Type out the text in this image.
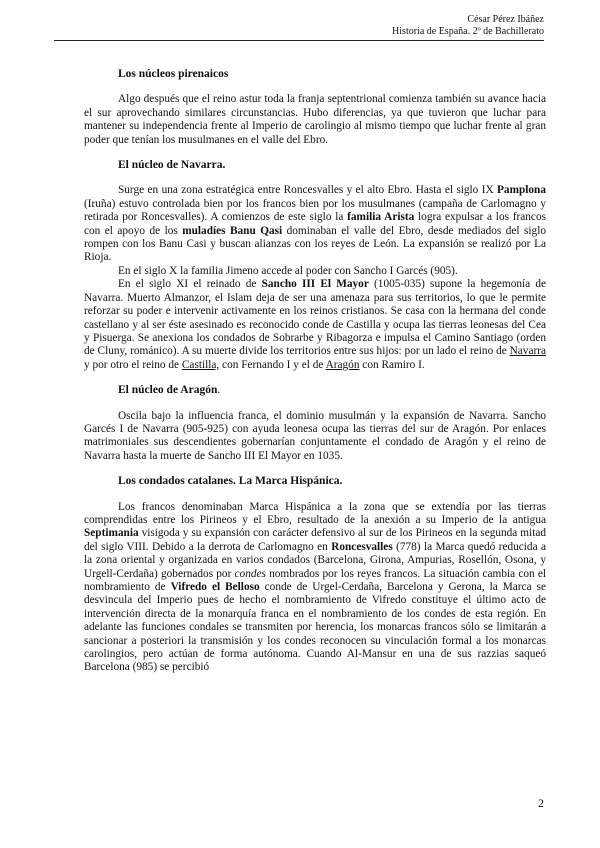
César Pérez Ibáñez
Historia de España. 2º de Bachillerato
Los núcleos pirenaicos

Algo después que el reino astur toda la franja septentrional comienza también su avance hacia el sur aprovechando similares circunstancias. Hubo diferencias, ya que tuvieron que luchar para mantener su independencia frente al Imperio de carolingio al mismo tiempo que luchar frente al gran poder que tenían los musulmanes en el valle del Ebro.

El núcleo de Navarra.

Surge en una zona estratégica entre Roncesvalles y el alto Ebro. Hasta el siglo IX Pamplona (Iruña) estuvo controlada bien por los francos bien por los musulmanes (campaña de Carlomagno y retirada por Roncesvalles). A comienzos de este siglo la familia Arista logra expulsar a los francos con el apoyo de los muladíes Banu Qasi dominaban el valle del Ebro, desde mediados del siglo rompen con los Banu Casi y buscan alianzas con los reyes de León. La expansión se realizó por La Rioja.

En el siglo X la familia Jimeno accede al poder con Sancho I Garcés (905).

En el siglo XI el reinado de Sancho III El Mayor (1005-035) supone la hegemonía de Navarra. Muerto Almanzor, el Islam deja de ser una amenaza para sus territorios, lo que le permite reforzar su poder e intervenir activamente en los reinos cristianos. Se casa con la hermana del conde castellano y al ser éste asesinado es reconocido conde de Castilla y ocupa las tierras leonesas del Cea y Pisuerga. Se anexiona los condados de Sobrarbe y Ribagorza e impulsa el Camino Santiago (orden de Cluny, románico). A su muerte divide los territorios entre sus hijos: por un lado el reino de Navarra y por otro el reino de Castilla, con Fernando I y el de Aragón con Ramiro I.

El núcleo de Aragón.

Oscila bajo la influencia franca, el dominio musulmán y la expansión de Navarra. Sancho Garcés I de Navarra (905-925) con ayuda leonesa ocupa las tierras del sur de Aragón. Por enlaces matrimoniales sus descendientes gobernarían conjuntamente el condado de Aragón y el reino de Navarra hasta la muerte de Sancho III El Mayor en 1035.

Los condados catalanes. La Marca Hispánica.

Los francos denominaban Marca Hispánica a la zona que se extendía por las tierras comprendidas entre los Pirineos y el Ebro, resultado de la anexión a su Imperio de la antigua Septimania visigoda y su expansión con carácter defensivo al sur de los Pirineos en la segunda mitad del siglo VIII. Debido a la derrota de Carlomagno en Roncesvalles (778) la Marca quedó reducida a la zona oriental y organizada en varios condados (Barcelona, Girona, Ampurias, Rosellón, Osona, y Urgell-Cerdaña) gobernados por condes nombrados por los reyes francos. La situación cambia con el nombramiento de Vifredo el Belloso conde de Urgel-Cerdaña, Barcelona y Gerona, la Marca se desvincula del Imperio pues de hecho el nombramiento de Vifredo constituye el último acto de intervención directa de la monarquía franca en el nombramiento de los condes de esta región. En adelante las funciones condales se transmiten por herencia, los monarcas francos sólo se limitarán a sancionar a posteriori la transmisión y los condes reconocen su vinculación formal a los monarcas carolingios, pero actúan de forma autónoma. Cuando Al-Mansur en una de sus razzias saqueó Barcelona (985) se percibió

2
